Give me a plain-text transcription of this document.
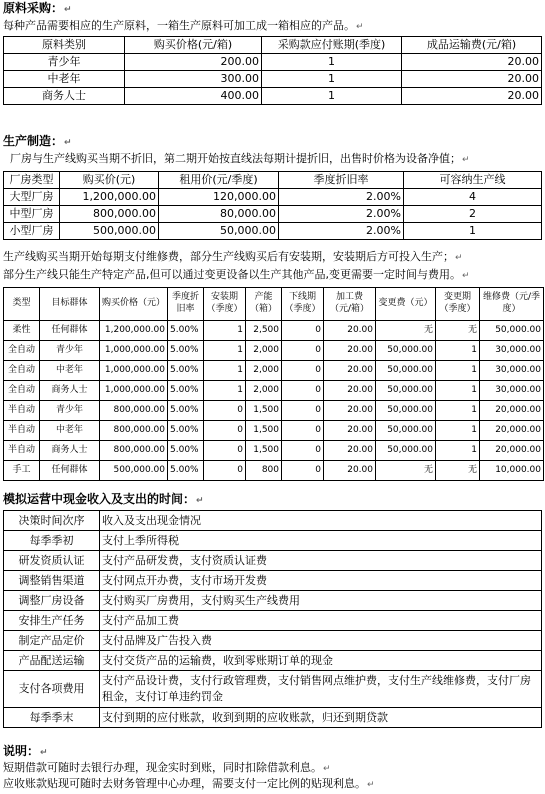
原料采购：↵
每种产品需要相应的生产原料，一箱生产原料可加工成一箱相应的产品。↵
原料类别	购买价格(元/箱)	采购款应付账期(季度)	成品运输费(元/箱)
青少年	200.00	1	20.00
中老年	300.00	1	20.00
商务人士	400.00	1	20.00
生产制造：↵
厂房与生产线购买当期不折旧，第二期开始按直线法每期计提折旧，出售时价格为设备净值；↵
厂房类型	购买价(元)	租用价(元/季度)	季度折旧率	可容纳生产线
大型厂房	1,200,000.00	120,000.00	2.00%	4
中型厂房	800,000.00	80,000.00	2.00%	2
小型厂房	500,000.00	50,000.00	2.00%	1
生产线购买当期开始每期支付维修费，部分生产线购买后有安装期，安装期后方可投入生产；↵
部分生产线只能生产特定产品,但可以通过变更设备以生产其他产品,变更需要一定时间与费用。↵
类型	目标群体	购买价格（元）	季度折旧率	安装期（季度）	产能（箱）	下线期（季度）	加工费（元/箱）	变更费（元）	变更期（季度）	维修费（元/季度）
柔性	任何群体	1,200,000.00	5.00%	1	2,500	0	20.00	无	无	50,000.00
全自动	青少年	1,000,000.00	5.00%	1	2,000	0	20.00	50,000.00	1	30,000.00
全自动	中老年	1,000,000.00	5.00%	1	2,000	0	20.00	50,000.00	1	30,000.00
全自动	商务人士	1,000,000.00	5.00%	1	2,000	0	20.00	50,000.00	1	30,000.00
半自动	青少年	800,000.00	5.00%	0	1,500	0	20.00	50,000.00	1	20,000.00
半自动	中老年	800,000.00	5.00%	0	1,500	0	20.00	50,000.00	1	20,000.00
半自动	商务人士	800,000.00	5.00%	0	1,500	0	20.00	50,000.00	1	20,000.00
手工	任何群体	500,000.00	5.00%	0	800	0	20.00	无	无	10,000.00
模拟运营中现金收入及支出的时间：↵
决策时间次序	收入及支出现金情况
每季季初	支付上季所得税
研发资质认证	支付产品研发费，支付资质认证费
调整销售渠道	支付网点开办费，支付市场开发费
调整厂房设备	支付购买厂房费用，支付购买生产线费用
安排生产任务	支付产品加工费
制定产品定价	支付品牌及广告投入费
产品配送运输	支付交货产品的运输费，收到零账期订单的现金
支付各项费用	支付产品设计费，支付行政管理费，支付销售网点维护费，支付生产线维修费，支付厂房租金，支付订单违约罚金
每季季末	支付到期的应付账款，收到到期的应收账款，归还到期贷款
说明：↵
短期借款可随时去银行办理，现金实时到账，同时扣除借款利息。↵
应收账款贴现可随时去财务管理中心办理，需要支付一定比例的贴现利息。↵
